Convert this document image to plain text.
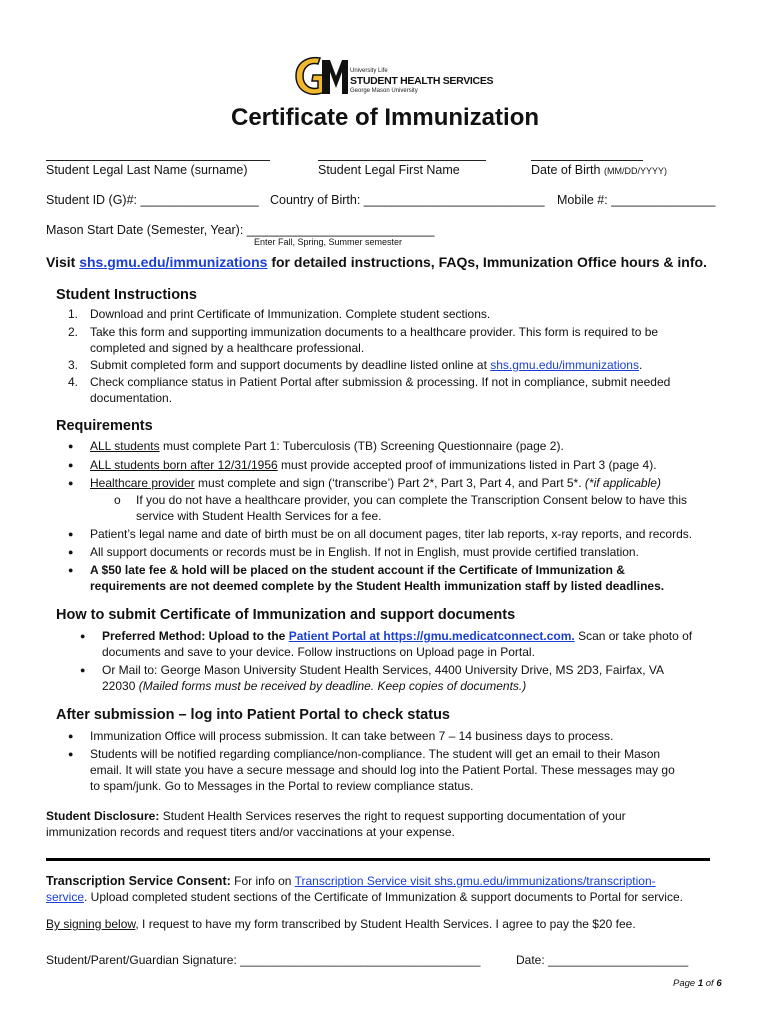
University Life
STUDENT HEALTH SERVICES
George Mason University
Certificate of Immunization
Student Legal Last Name (surname)	Student Legal First Name	Date of Birth (MM/DD/YYYY)
Student ID (G)#: _________________ Country of Birth: __________________________ Mobile #: _______________
Mason Start Date (Semester, Year): ___________________________
Enter Fall, Spring, Summer semester
Visit shs.gmu.edu/immunizations for detailed instructions, FAQs, Immunization Office hours & info.
Student Instructions
1. Download and print Certificate of Immunization. Complete student sections.
2. Take this form and supporting immunization documents to a healthcare provider. This form is required to be
completed and signed by a healthcare professional.
3. Submit completed form and support documents by deadline listed online at shs.gmu.edu/immunizations.
4. Check compliance status in Patient Portal after submission & processing. If not in compliance, submit needed
documentation.
Requirements
● ALL students must complete Part 1: Tuberculosis (TB) Screening Questionnaire (page 2).
● ALL students born after 12/31/1956 must provide accepted proof of immunizations listed in Part 3 (page 4).
● Healthcare provider must complete and sign (‘transcribe’) Part 2*, Part 3, Part 4, and Part 5*. (*if applicable)
o If you do not have a healthcare provider, you can complete the Transcription Consent below to have this
service with Student Health Services for a fee.
● Patient’s legal name and date of birth must be on all document pages, titer lab reports, x-ray reports, and records.
● All support documents or records must be in English. If not in English, must provide certified translation.
● A $50 late fee & hold will be placed on the student account if the Certificate of Immunization &
requirements are not deemed complete by the Student Health immunization staff by listed deadlines.
How to submit Certificate of Immunization and support documents
● Preferred Method: Upload to the Patient Portal at https://gmu.medicatconnect.com. Scan or take photo of
documents and save to your device. Follow instructions on Upload page in Portal.
● Or Mail to: George Mason University Student Health Services, 4400 University Drive, MS 2D3, Fairfax, VA
22030 (Mailed forms must be received by deadline. Keep copies of documents.)
After submission – log into Patient Portal to check status
● Immunization Office will process submission. It can take between 7 – 14 business days to process.
● Students will be notified regarding compliance/non-compliance. The student will get an email to their Mason
email. It will state you have a secure message and should log into the Patient Portal. These messages may go
to spam/junk. Go to Messages in the Portal to review compliance status.
Student Disclosure: Student Health Services reserves the right to request supporting documentation of your
immunization records and request titers and/or vaccinations at your expense.
Transcription Service Consent: For info on Transcription Service visit shs.gmu.edu/immunizations/transcription-
service. Upload completed student sections of the Certificate of Immunization & support documents to Portal for service.
By signing below, I request to have my form transcribed by Student Health Services. I agree to pay the $20 fee.
Student/Parent/Guardian Signature: ____________________________________	Date: _____________________
Page 1 of 6
